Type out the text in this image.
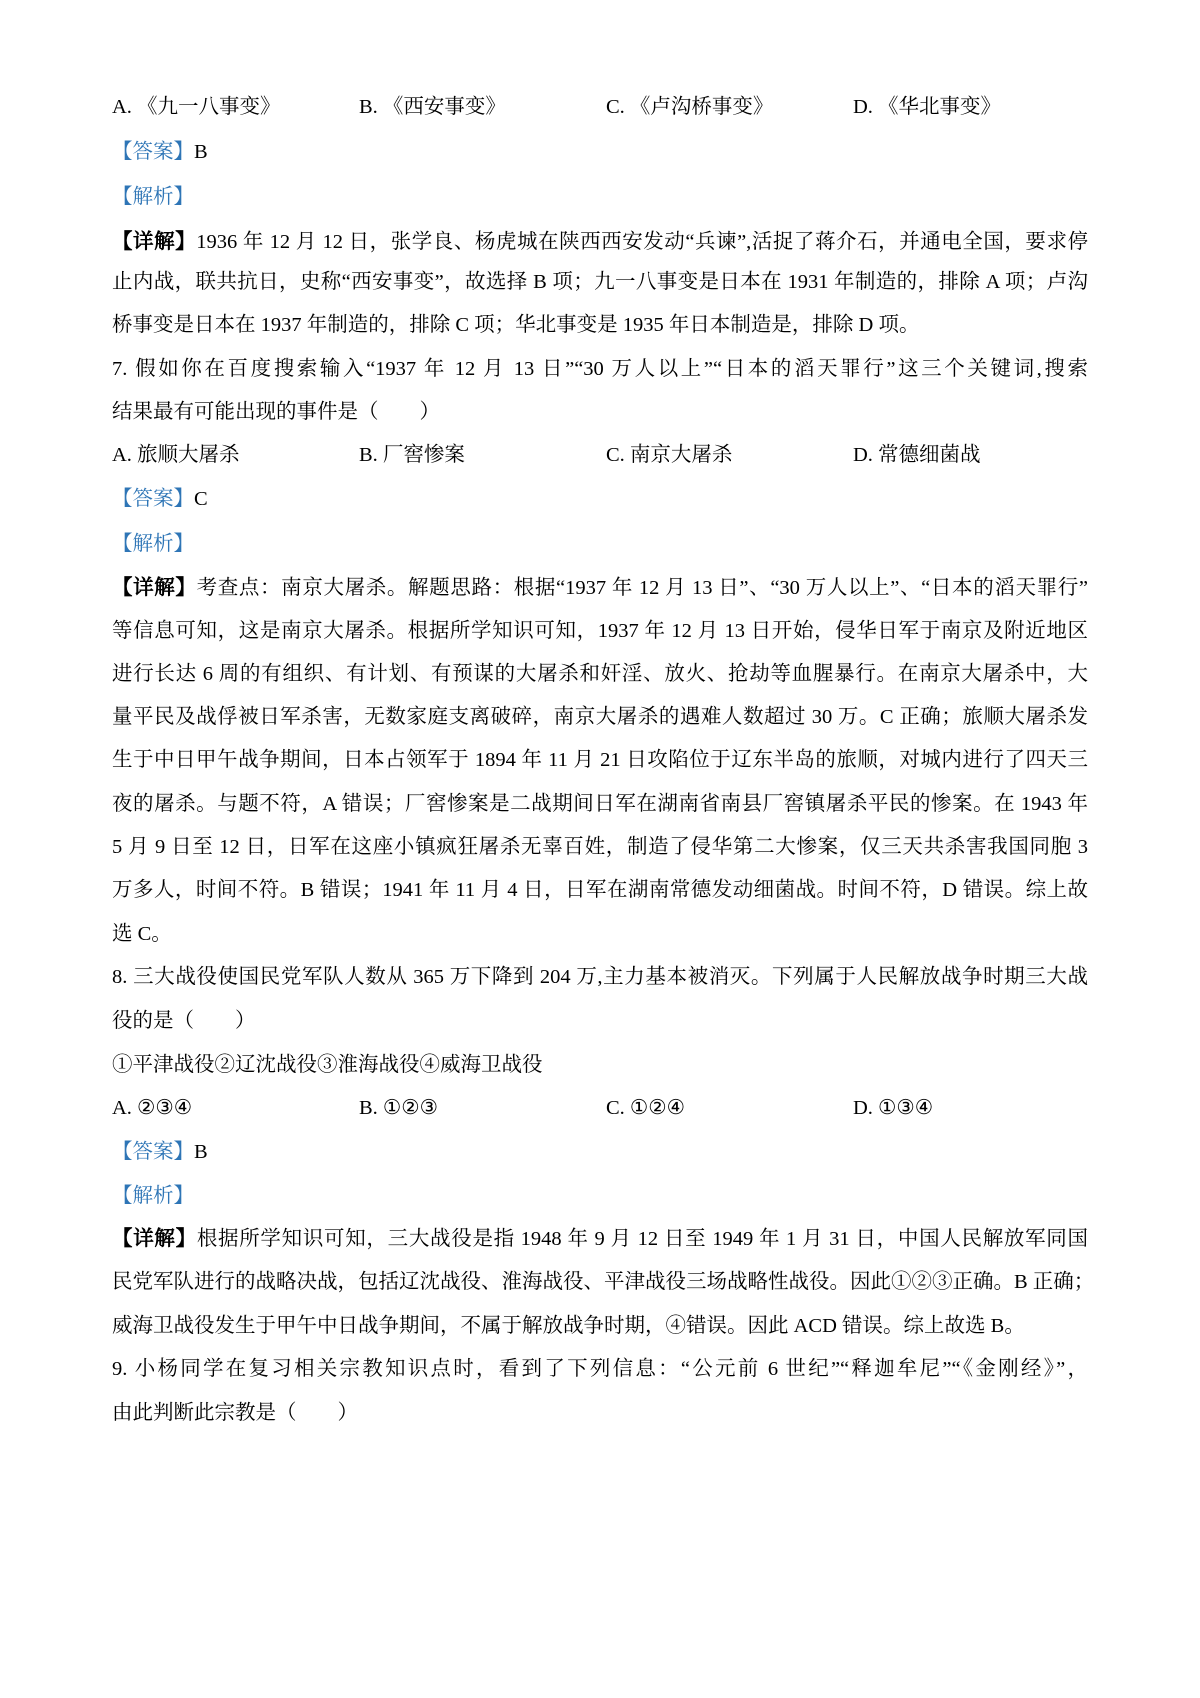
A. 《九一八事变》	B. 《西安事变》	C. 《卢沟桥事变》	D. 《华北事变》
【答案】B
【解析】
【详解】1936 年 12 月 12 日，张学良、杨虎城在陕西西安发动“兵谏”,活捉了蒋介石，并通电全国，要求停
止内战，联共抗日，史称“西安事变”，故选择 B 项；九一八事变是日本在 1931 年制造的，排除 A 项；卢沟
桥事变是日本在 1937 年制造的，排除 C 项；华北事变是 1935 年日本制造是，排除 D 项。
7. 假如你在百度搜索输入“1937 年 12 月 13 日”“30 万人以上”“日本的滔天罪行”这三个关键词,搜索
结果最有可能出现的事件是（　　）
A. 旅顺大屠杀	B. 厂窖惨案	C. 南京大屠杀	D. 常德细菌战
【答案】C
【解析】
【详解】考查点：南京大屠杀。解题思路：根据“1937 年 12 月 13 日”、“30 万人以上”、“日本的滔天罪行”
等信息可知，这是南京大屠杀。根据所学知识可知，1937 年 12 月 13 日开始，侵华日军于南京及附近地区
进行长达 6 周的有组织、有计划、有预谋的大屠杀和奸淫、放火、抢劫等血腥暴行。在南京大屠杀中，大
量平民及战俘被日军杀害，无数家庭支离破碎，南京大屠杀的遇难人数超过 30 万。C 正确；旅顺大屠杀发
生于中日甲午战争期间，日本占领军于 1894 年 11 月 21 日攻陷位于辽东半岛的旅顺，对城内进行了四天三
夜的屠杀。与题不符，A 错误；厂窖惨案是二战期间日军在湖南省南县厂窖镇屠杀平民的惨案。在 1943 年
5 月 9 日至 12 日，日军在这座小镇疯狂屠杀无辜百姓，制造了侵华第二大惨案，仅三天共杀害我国同胞 3
万多人，时间不符。B 错误；1941 年 11 月 4 日，日军在湖南常德发动细菌战。时间不符，D 错误。综上故
选 C。
8. 三大战役使国民党军队人数从 365 万下降到 204 万,主力基本被消灭。下列属于人民解放战争时期三大战
役的是（　　）
①平津战役②辽沈战役③淮海战役④威海卫战役
A. ②③④	B. ①②③	C. ①②④	D. ①③④
【答案】B
【解析】
【详解】根据所学知识可知，三大战役是指 1948 年 9 月 12 日至 1949 年 1 月 31 日，中国人民解放军同国
民党军队进行的战略决战，包括辽沈战役、淮海战役、平津战役三场战略性战役。因此①②③正确。B 正确；
威海卫战役发生于甲午中日战争期间，不属于解放战争时期，④错误。因此 ACD 错误。综上故选 B。
9. 小杨同学在复习相关宗教知识点时，看到了下列信息：“公元前 6 世纪”“释迦牟尼”“《金刚经》”，
由此判断此宗教是（　　）
